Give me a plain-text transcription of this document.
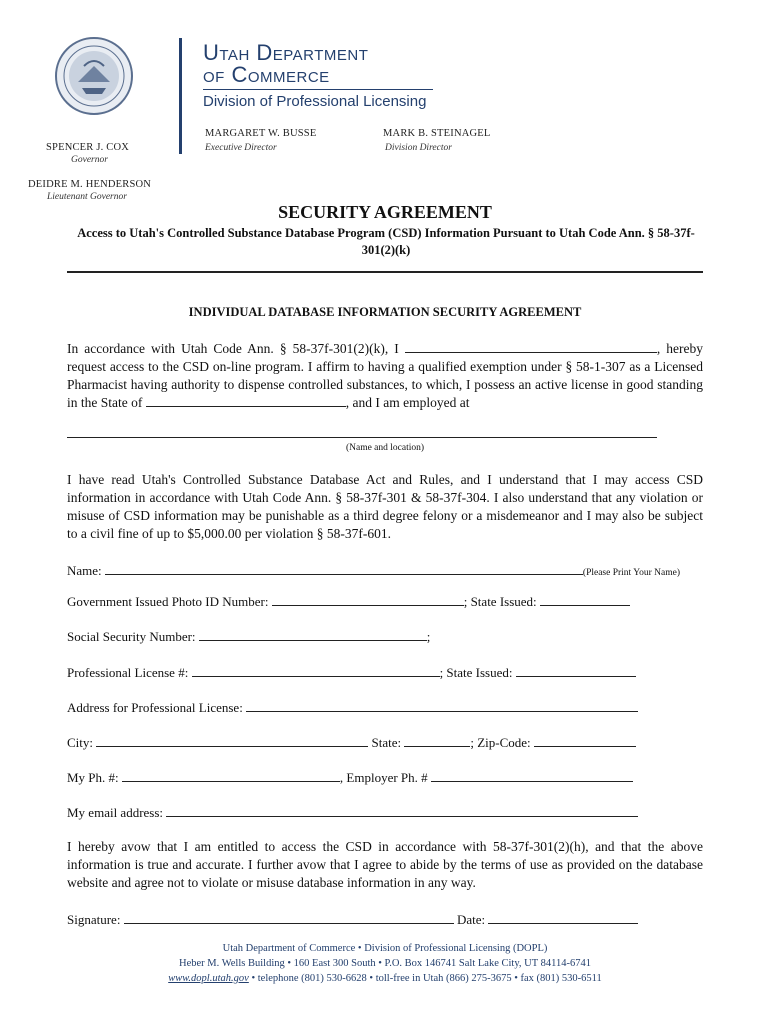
Utah Department
of Commerce
Division of Professional Licensing
MARGARET W. BUSSE
Executive Director
MARK B. STEINAGEL
Division Director
SPENCER J. COX
Governor
DEIDRE M. HENDERSON
Lieutenant Governor
SECURITY AGREEMENT
Access to Utah's Controlled Substance Database Program (CSD) Information Pursuant to Utah Code Ann. § 58-37f-301(2)(k)
INDIVIDUAL DATABASE INFORMATION SECURITY AGREEMENT
In accordance with Utah Code Ann. § 58-37f-301(2)(k), I	, hereby request access to the CSD on-line program. I affirm to having a qualified exemption under § 58-1-307 as a Licensed Pharmacist having authority to dispense controlled substances, to which, I possess an active license in good standing in the State of	, and I am employed at
(Name and location)
I have read Utah's Controlled Substance Database Act and Rules, and I understand that I may access CSD information in accordance with Utah Code Ann. § 58-37f-301 & 58-37f-304. I also understand that any violation or misuse of CSD information may be punishable as a third degree felony or a misdemeanor and I may also be subject to a civil fine of up to $5,000.00 per violation § 58-37f-601.
Name:	(Please Print Your Name)
Government Issued Photo ID Number:	; State Issued:
Social Security Number:	;
Professional License #:	; State Issued:
Address for Professional License:
City:	State:	; Zip-Code:
My Ph. #:	, Employer Ph. #
My email address:
I hereby avow that I am entitled to access the CSD in accordance with 58-37f-301(2)(h), and that the above information is true and accurate. I further avow that I agree to abide by the terms of use as provided on the database website and agree not to violate or misuse database information in any way.
Signature:	Date:
Utah Department of Commerce • Division of Professional Licensing (DOPL)
Heber M. Wells Building • 160 East 300 South • P.O. Box 146741 Salt Lake City, UT 84114-6741
www.dopl.utah.gov • telephone (801) 530-6628 • toll-free in Utah (866) 275-3675 • fax (801) 530-6511
